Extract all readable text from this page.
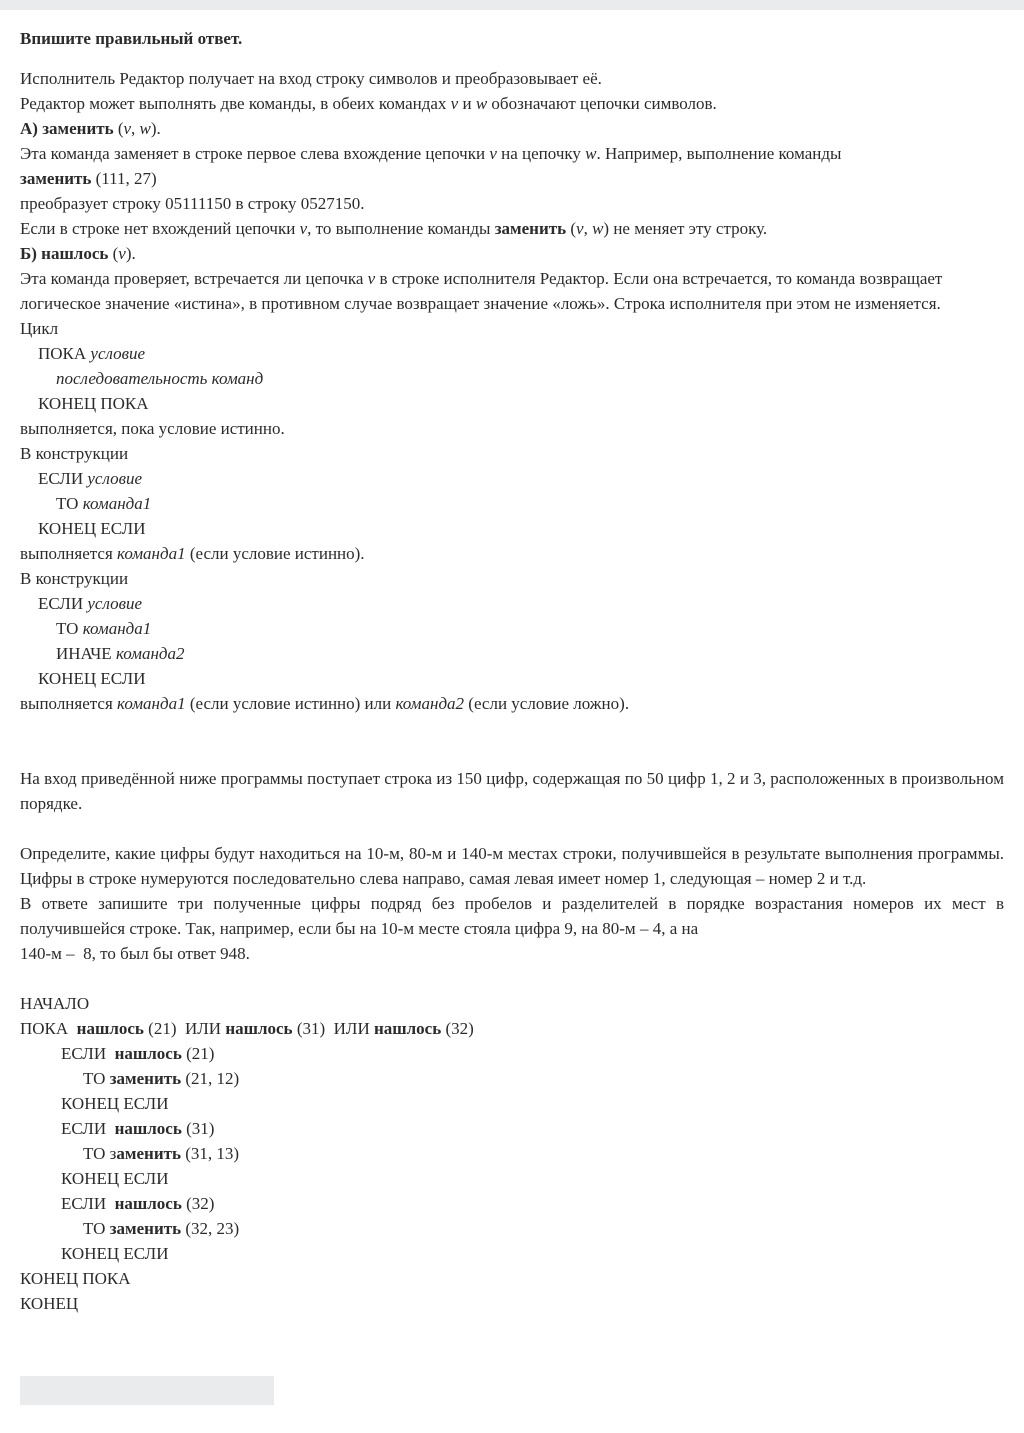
Впишите правильный ответ.
Исполнитель Редактор получает на вход строку символов и преобразовывает её.
Редактор может выполнять две команды, в обеих командах v и w обозначают цепочки символов.
А) заменить (v, w).
Эта команда заменяет в строке первое слева вхождение цепочки v на цепочку w. Например, выполнение команды
заменить (111, 27)
преобразует строку 05111150 в строку 0527150.
Если в строке нет вхождений цепочки v, то выполнение команды заменить (v, w) не меняет эту строку.
Б) нашлось (v).
Эта команда проверяет, встречается ли цепочка v в строке исполнителя Редактор. Если она встречается, то команда возвращает логическое значение «истина», в противном случае возвращает значение «ложь». Строка исполнителя при этом не изменяется.
Цикл
ПОКА условие
последовательность команд
КОНЕЦ ПОКА
выполняется, пока условие истинно.
В конструкции
ЕСЛИ условие
ТО команда1
КОНЕЦ ЕСЛИ
выполняется команда1 (если условие истинно).
В конструкции
ЕСЛИ условие
ТО команда1
ИНАЧЕ команда2
КОНЕЦ ЕСЛИ
выполняется команда1 (если условие истинно) или команда2 (если условие ложно).
На вход приведённой ниже программы поступает строка из 150 цифр, содержащая по 50 цифр 1, 2 и 3, расположенных в произвольном порядке.
Определите, какие цифры будут находиться на 10-м, 80-м и 140-м местах строки, получившейся в результате выполнения программы. Цифры в строке нумеруются последовательно слева направо, самая левая имеет номер 1, следующая – номер 2 и т.д.
В ответе запишите три полученные цифры подряд без пробелов и разделителей в порядке возрастания номеров их мест в получившейся строке. Так, например, если бы на 10-м месте стояла цифра 9, на 80-м – 4, а на
140-м –  8, то был бы ответ 948.
НАЧАЛО
ПОКА  нашлось (21)  ИЛИ нашлось (31)  ИЛИ нашлось (32)
ЕСЛИ  нашлось (21)
ТО заменить (21, 12)
КОНЕЦ ЕСЛИ
ЕСЛИ  нашлось (31)
ТО заменить (31, 13)
КОНЕЦ ЕСЛИ
ЕСЛИ  нашлось (32)
ТО заменить (32, 23)
КОНЕЦ ЕСЛИ
КОНЕЦ ПОКА
КОНЕЦ
